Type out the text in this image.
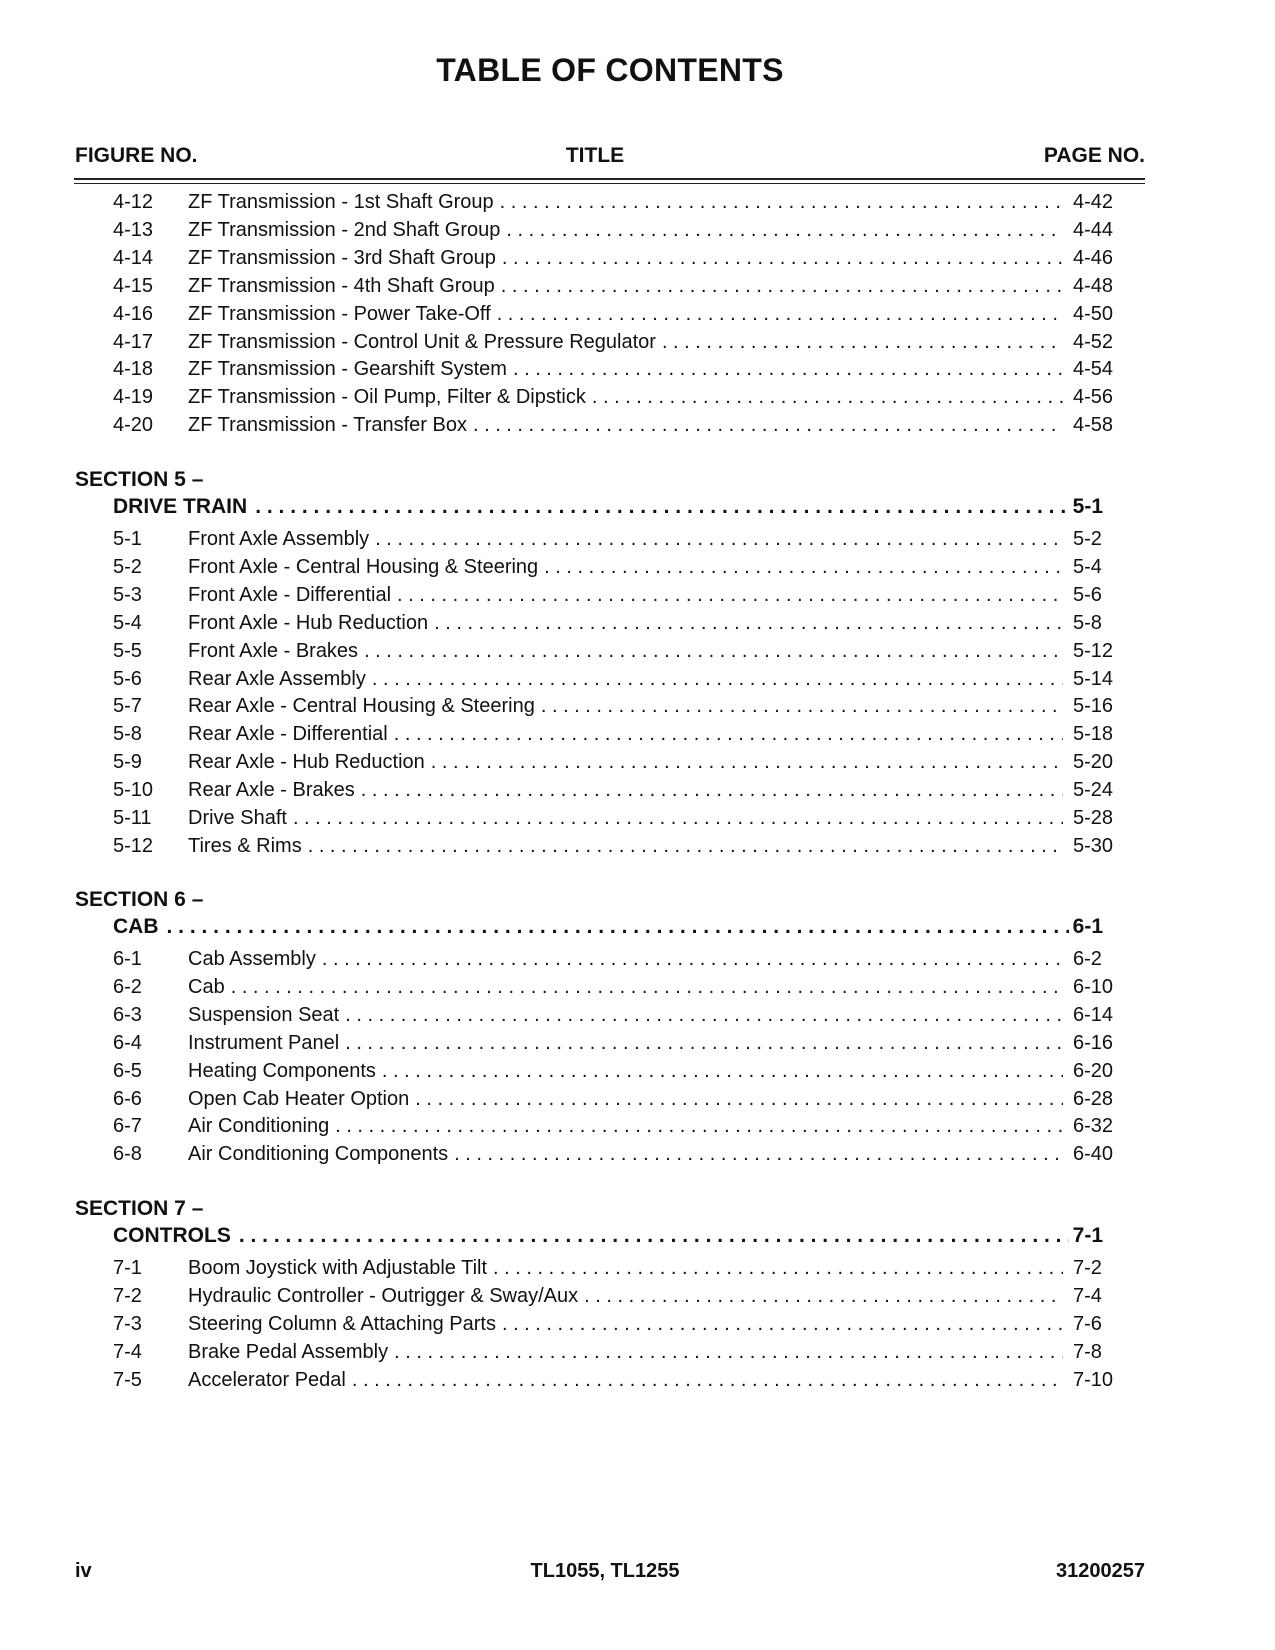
TABLE OF CONTENTS
FIGURE NO.	TITLE	PAGE NO.
4-12	ZF Transmission - 1st Shaft Group . . .	4-42
4-13	ZF Transmission - 2nd Shaft Group . . .	4-44
4-14	ZF Transmission - 3rd Shaft Group . . .	4-46
4-15	ZF Transmission - 4th Shaft Group . . .	4-48
4-16	ZF Transmission - Power Take-Off . . .	4-50
4-17	ZF Transmission - Control Unit & Pressure Regulator . . .	4-52
4-18	ZF Transmission - Gearshift System . . .	4-54
4-19	ZF Transmission - Oil Pump, Filter & Dipstick . . .	4-56
4-20	ZF Transmission - Transfer Box . . .	4-58
SECTION 5 –
DRIVE TRAIN . . .	5-1
5-1	Front Axle Assembly . . .	5-2
5-2	Front Axle - Central Housing & Steering . . .	5-4
5-3	Front Axle - Differential . . .	5-6
5-4	Front Axle - Hub Reduction . . .	5-8
5-5	Front Axle - Brakes . . .	5-12
5-6	Rear Axle Assembly . . .	5-14
5-7	Rear Axle - Central Housing & Steering . . .	5-16
5-8	Rear Axle - Differential . . .	5-18
5-9	Rear Axle - Hub Reduction . . .	5-20
5-10	Rear Axle - Brakes . . .	5-24
5-11	Drive Shaft . . .	5-28
5-12	Tires & Rims . . .	5-30
SECTION 6 –
CAB . . .	6-1
6-1	Cab Assembly . . .	6-2
6-2	Cab . . .	6-10
6-3	Suspension Seat . . .	6-14
6-4	Instrument Panel . . .	6-16
6-5	Heating Components . . .	6-20
6-6	Open Cab Heater Option . . .	6-28
6-7	Air Conditioning . . .	6-32
6-8	Air Conditioning Components . . .	6-40
SECTION 7 –
CONTROLS . . .	7-1
7-1	Boom Joystick with Adjustable Tilt . . .	7-2
7-2	Hydraulic Controller - Outrigger & Sway/Aux . . .	7-4
7-3	Steering Column & Attaching Parts . . .	7-6
7-4	Brake Pedal Assembly . . .	7-8
7-5	Accelerator Pedal . . .	7-10
iv	TL1055, TL1255	31200257
